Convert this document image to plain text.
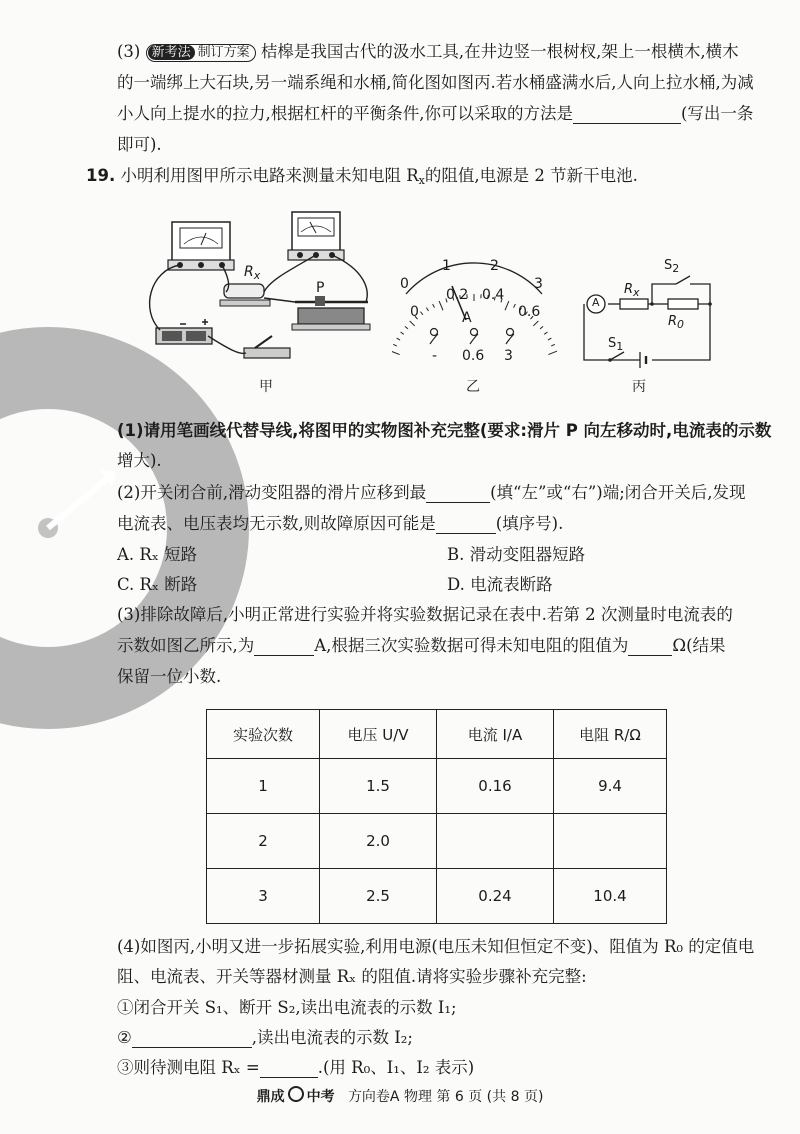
(3) 新考法 制订方案 桔槔是我国古代的汲水工具,在井边竖一根树杈,架上一根横木,横木
的一端绑上大石块,另一端系绳和水桶,简化图如图丙.若水桶盛满水后,人向上拉水桶,为减
小人向上提水的拉力,根据杠杆的平衡条件,你可以采取的方法是	(写出一条
即可).
19. 小明利用图甲所示电路来测量未知电阻 $R_x$的阻值,电源是 2 节新干电池.
$R_x$
P
甲
0
1	2
3
0
0.2 0.4
0.6
A
- 0.6 3
乙
A
$R_x$
$S_2$
$R_0$
$S_1$
丙
(1)请用笔画线代替导线,将图甲的实物图补充完整(要求:滑片 P 向左移动时,电流表的示数
增大).
(2)开关闭合前,滑动变阻器的滑片应移到最	(填“左”或“右”)端;闭合开关后,发现
电流表、电压表均无示数,则故障原因可能是	(填序号).
A. Rₓ 短路	B. 滑动变阻器短路
C. Rₓ 断路	D. 电流表断路
(3)排除故障后,小明正常进行实验并将实验数据记录在表中.若第 2 次测量时电流表的
示数如图乙所示,为	A,根据三次实验数据可得未知电阻的阻值为	Ω(结果
保留一位小数.
实验次数	电压 U/V	电流 I/A	电阻 R/Ω
1	1.5	0.16	9.4
2	2.0		
3	2.5	0.24	10.4
(4)如图丙,小明又进一步拓展实验,利用电源(电压未知但恒定不变)、阻值为 R₀ 的定值电
阻、电流表、开关等器材测量 Rₓ 的阻值.请将实验步骤补充完整:
①闭合开关 S₁、断开 S₂,读出电流表的示数 I₁;
②	,读出电流表的示数 I₂;
③则待测电阻 Rₓ =	.(用 R₀、I₁、I₂ 表示)
鼎成 中考 方向卷A 物理 第 6 页 (共 8 页)
